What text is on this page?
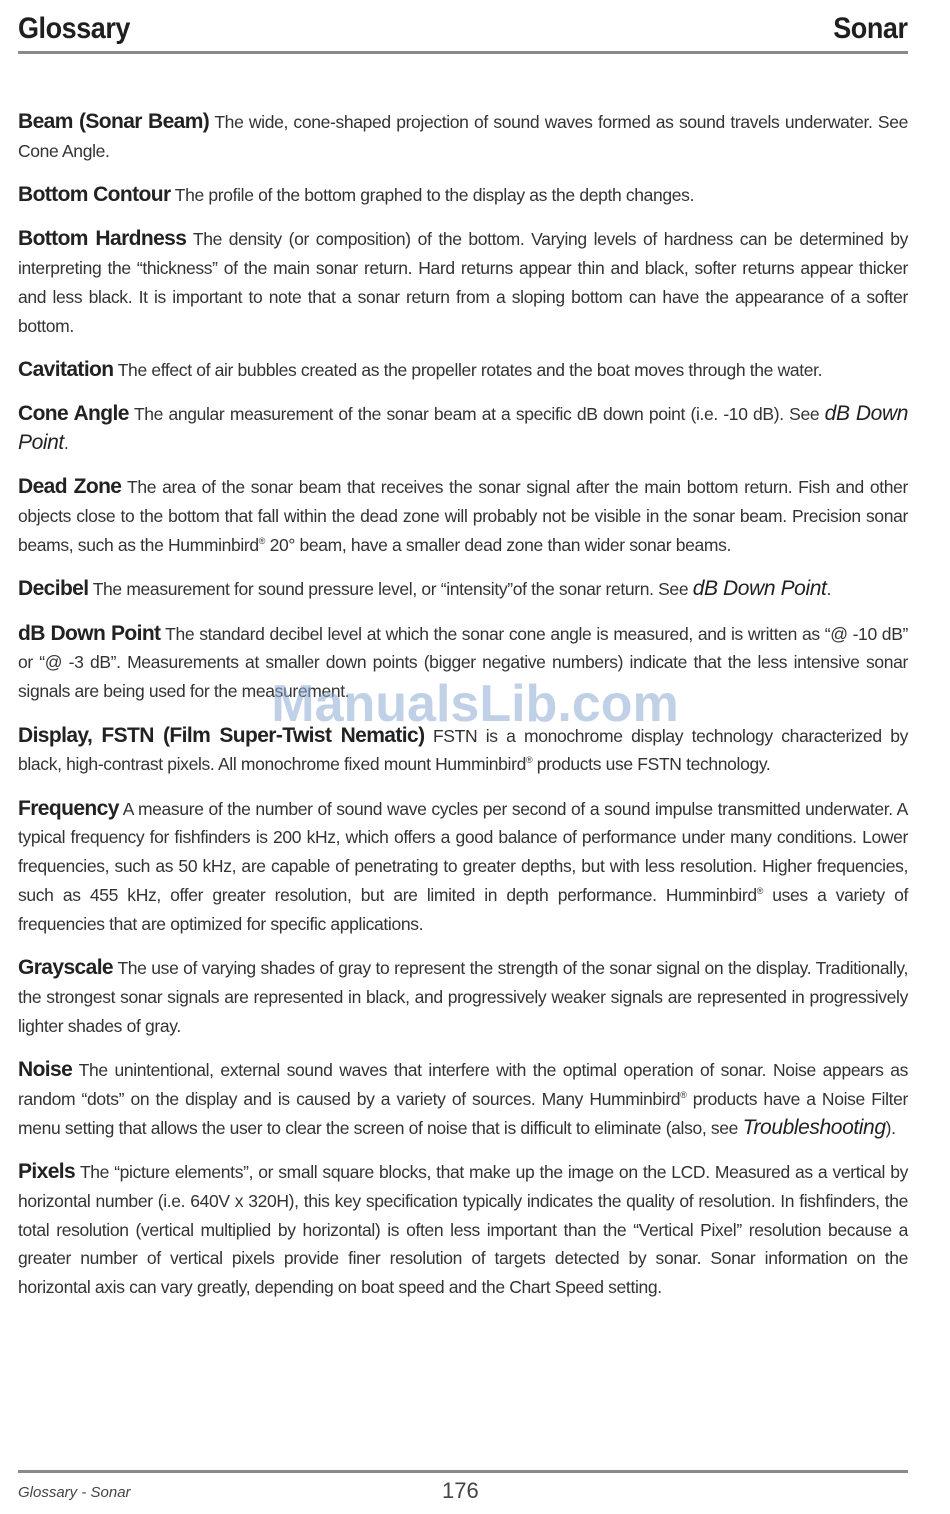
Glossary	Sonar

Beam (Sonar Beam) The wide, cone-shaped projection of sound waves formed as sound travels underwater. See Cone Angle.

Bottom Contour The profile of the bottom graphed to the display as the depth changes.

Bottom Hardness The density (or composition) of the bottom. Varying levels of hardness can be determined by interpreting the “thickness” of the main sonar return. Hard returns appear thin and black, softer returns appear thicker and less black. It is important to note that a sonar return from a sloping bottom can have the appearance of a softer bottom.

Cavitation The effect of air bubbles created as the propeller rotates and the boat moves through the water.

Cone Angle The angular measurement of the sonar beam at a specific dB down point (i.e. -10 dB). See dB Down Point.

Dead Zone The area of the sonar beam that receives the sonar signal after the main bottom return. Fish and other objects close to the bottom that fall within the dead zone will probably not be visible in the sonar beam. Precision sonar beams, such as the Humminbird® 20° beam, have a smaller dead zone than wider sonar beams.

Decibel The measurement for sound pressure level, or “intensity”of the sonar return. See dB Down Point.

dB Down Point The standard decibel level at which the sonar cone angle is measured, and is written as “@ -10 dB” or “@ -3 dB”. Measurements at smaller down points (bigger negative numbers) indicate that the less intensive sonar signals are being used for the measurement.

Display, FSTN (Film Super-Twist Nematic) FSTN is a monochrome display technology characterized by black, high-contrast pixels. All monochrome fixed mount Humminbird® products use FSTN technology.

Frequency A measure of the number of sound wave cycles per second of a sound impulse transmitted underwater. A typical frequency for fishfinders is 200 kHz, which offers a good balance of performance under many conditions. Lower frequencies, such as 50 kHz, are capable of penetrating to greater depths, but with less resolution. Higher frequencies, such as 455 kHz, offer greater resolution, but are limited in depth performance. Humminbird® uses a variety of frequencies that are optimized for specific applications.

Grayscale The use of varying shades of gray to represent the strength of the sonar signal on the display. Traditionally, the strongest sonar signals are represented in black, and progressively weaker signals are represented in progressively lighter shades of gray.

Noise The unintentional, external sound waves that interfere with the optimal operation of sonar. Noise appears as random “dots” on the display and is caused by a variety of sources. Many Humminbird® products have a Noise Filter menu setting that allows the user to clear the screen of noise that is difficult to eliminate (also, see Troubleshooting).

Pixels The “picture elements”, or small square blocks, that make up the image on the LCD. Measured as a vertical by horizontal number (i.e. 640V x 320H), this key specification typically indicates the quality of resolution. In fishfinders, the total resolution (vertical multiplied by horizontal) is often less important than the “Vertical Pixel” resolution because a greater number of vertical pixels provide finer resolution of targets detected by sonar. Sonar information on the horizontal axis can vary greatly, depending on boat speed and the Chart Speed setting.

ManualsLib.com
Glossary - Sonar	176
